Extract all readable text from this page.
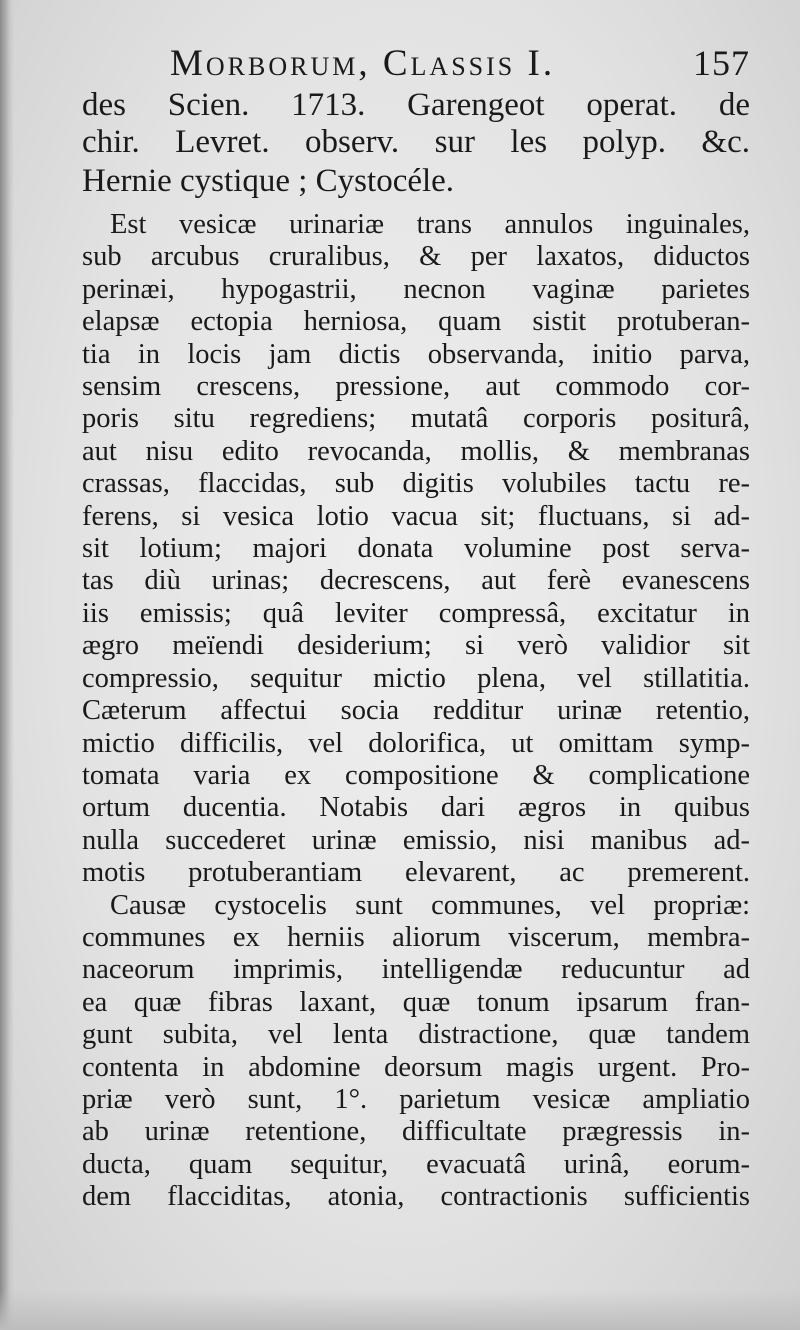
Morborum, Classis I.	157
des Scien. 1713. Garengeot operat. de
chir. Levret. observ. sur les polyp. &c.
Hernie cystique ; Cystocéle.
Est vesicæ urinariæ trans annulos inguinales,
sub arcubus cruralibus, & per laxatos, diductos
perinæi, hypogastrii, necnon vaginæ parietes
elapsæ ectopia herniosa, quam sistit protuberan-
tia in locis jam dictis observanda, initio parva,
sensim crescens, pressione, aut commodo cor-
poris situ regrediens; mutatâ corporis positurâ,
aut nisu edito revocanda, mollis, & membranas
crassas, flaccidas, sub digitis volubiles tactu re-
ferens, si vesica lotio vacua sit; fluctuans, si ad-
sit lotium; majori donata volumine post serva-
tas diù urinas; decrescens, aut ferè evanescens
iis emissis; quâ leviter compressâ, excitatur in
ægro meïendi desiderium; si verò validior sit
compressio, sequitur mictio plena, vel stillatitia.
Cæterum affectui socia redditur urinæ retentio,
mictio difficilis, vel dolorifica, ut omittam symp-
tomata varia ex compositione & complicatione
ortum ducentia. Notabis dari ægros in quibus
nulla succederet urinæ emissio, nisi manibus ad-
motis protuberantiam elevarent, ac premerent.
Causæ cystocelis sunt communes, vel propriæ:
communes ex herniis aliorum viscerum, membra-
naceorum imprimis, intelligendæ reducuntur ad
ea quæ fibras laxant, quæ tonum ipsarum fran-
gunt subita, vel lenta distractione, quæ tandem
contenta in abdomine deorsum magis urgent. Pro-
priæ verò sunt, 1°. parietum vesicæ ampliatio
ab urinæ retentione, difficultate prægressis in-
ducta, quam sequitur, evacuatâ urinâ, eorum-
dem flacciditas, atonia, contractionis sufficientis
